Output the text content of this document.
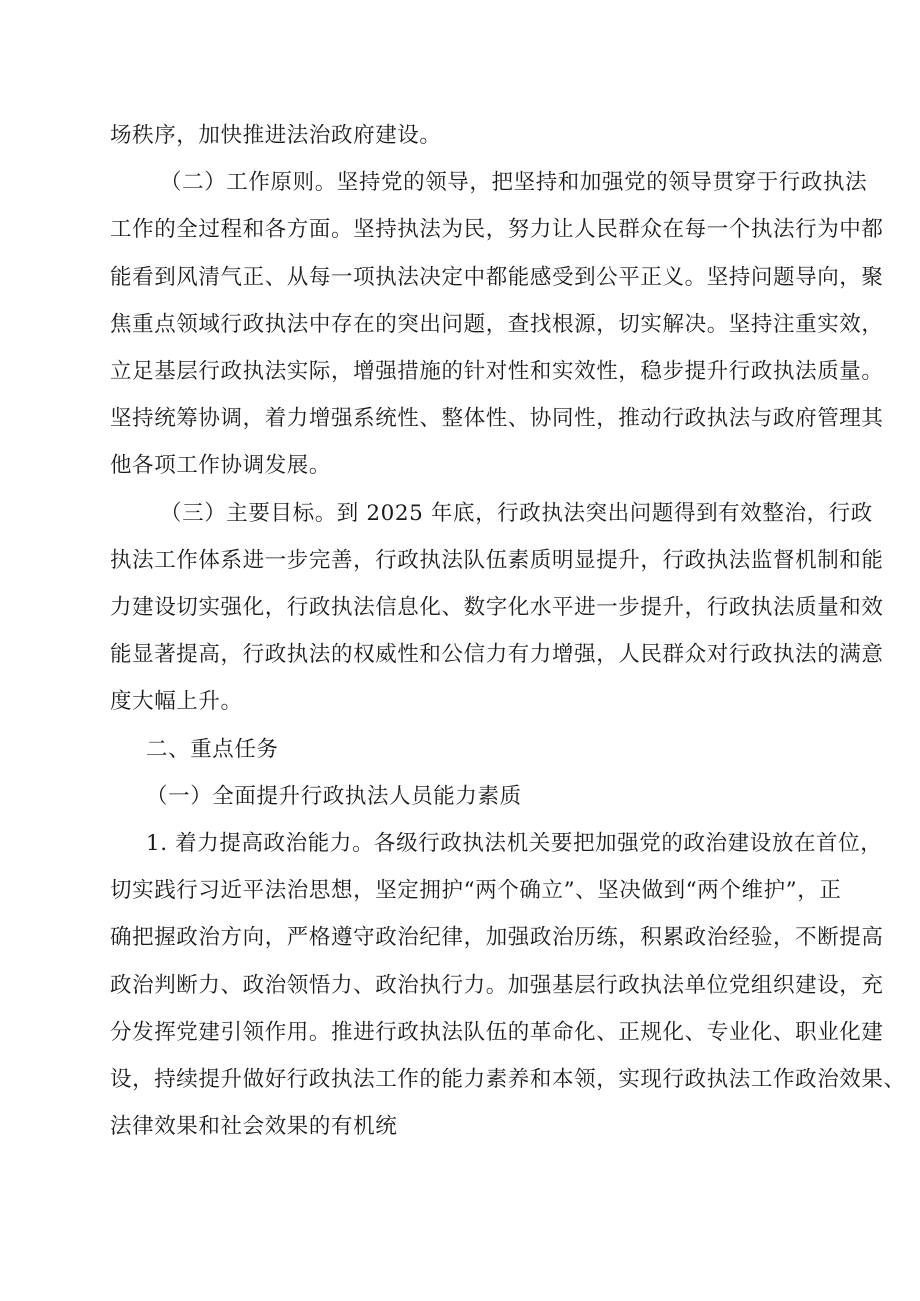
场秩序，加快推进法治政府建设。
（二）工作原则。坚持党的领导，把坚持和加强党的领导贯穿于行政执法
工作的全过程和各方面。坚持执法为民，努力让人民群众在每一个执法行为中都
能看到风清气正、从每一项执法决定中都能感受到公平正义。坚持问题导向，聚
焦重点领域行政执法中存在的突出问题，查找根源，切实解决。坚持注重实效，
立足基层行政执法实际，增强措施的针对性和实效性，稳步提升行政执法质量。
坚持统筹协调，着力增强系统性、整体性、协同性，推动行政执法与政府管理其
他各项工作协调发展。
（三）主要目标。到 2025 年底，行政执法突出问题得到有效整治，行政
执法工作体系进一步完善，行政执法队伍素质明显提升，行政执法监督机制和能
力建设切实强化，行政执法信息化、数字化水平进一步提升，行政执法质量和效
能显著提高，行政执法的权威性和公信力有力增强，人民群众对行政执法的满意
度大幅上升。
二、重点任务
（一）全面提升行政执法人员能力素质
1. 着力提高政治能力。各级行政执法机关要把加强党的政治建设放在首位，
切实践行习近平法治思想，坚定拥护“两个确立”、坚决做到“两个维护”，正
确把握政治方向，严格遵守政治纪律，加强政治历练，积累政治经验，不断提高
政治判断力、政治领悟力、政治执行力。加强基层行政执法单位党组织建设，充
分发挥党建引领作用。推进行政执法队伍的革命化、正规化、专业化、职业化建
设，持续提升做好行政执法工作的能力素养和本领，实现行政执法工作政治效果、
法律效果和社会效果的有机统
